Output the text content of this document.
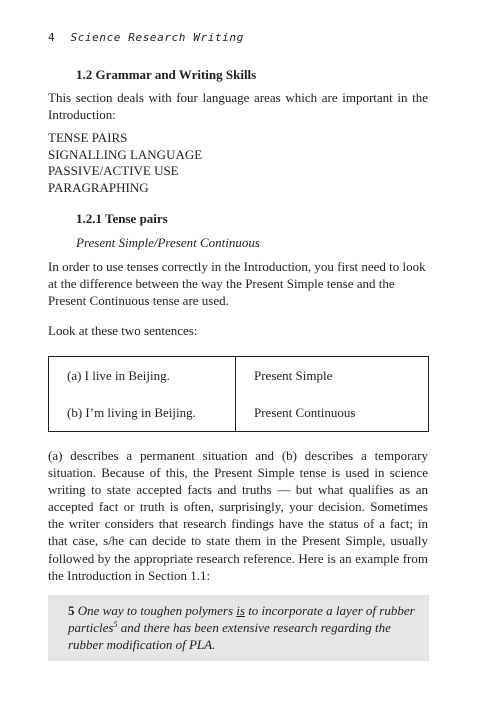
4 Science Research Writing
1.2 Grammar and Writing Skills
This section deals with four language areas which are important in the Introduction:
TENSE PAIRS
SIGNALLING LANGUAGE
PASSIVE/ACTIVE USE
PARAGRAPHING
1.2.1 Tense pairs
Present Simple/Present Continuous
In order to use tenses correctly in the Introduction, you first need to look at the difference between the way the Present Simple tense and the Present Continuous tense are used.
Look at these two sentences:
(a) I live in Beijing.	Present Simple
(b) I’m living in Beijing.	Present Continuous
(a) describes a permanent situation and (b) describes a temporary situation. Because of this, the Present Simple tense is used in science writing to state accepted facts and truths — but what qualifies as an accepted fact or truth is often, surprisingly, your decision. Sometimes the writer considers that research findings have the status of a fact; in that case, s/he can decide to state them in the Present Simple, usually followed by the appropriate research reference. Here is an example from the Introduction in Section 1.1:
5 One way to toughen polymers is to incorporate a layer of rubber particles$^5$ and there has been extensive research regarding the rubber modification of PLA.
